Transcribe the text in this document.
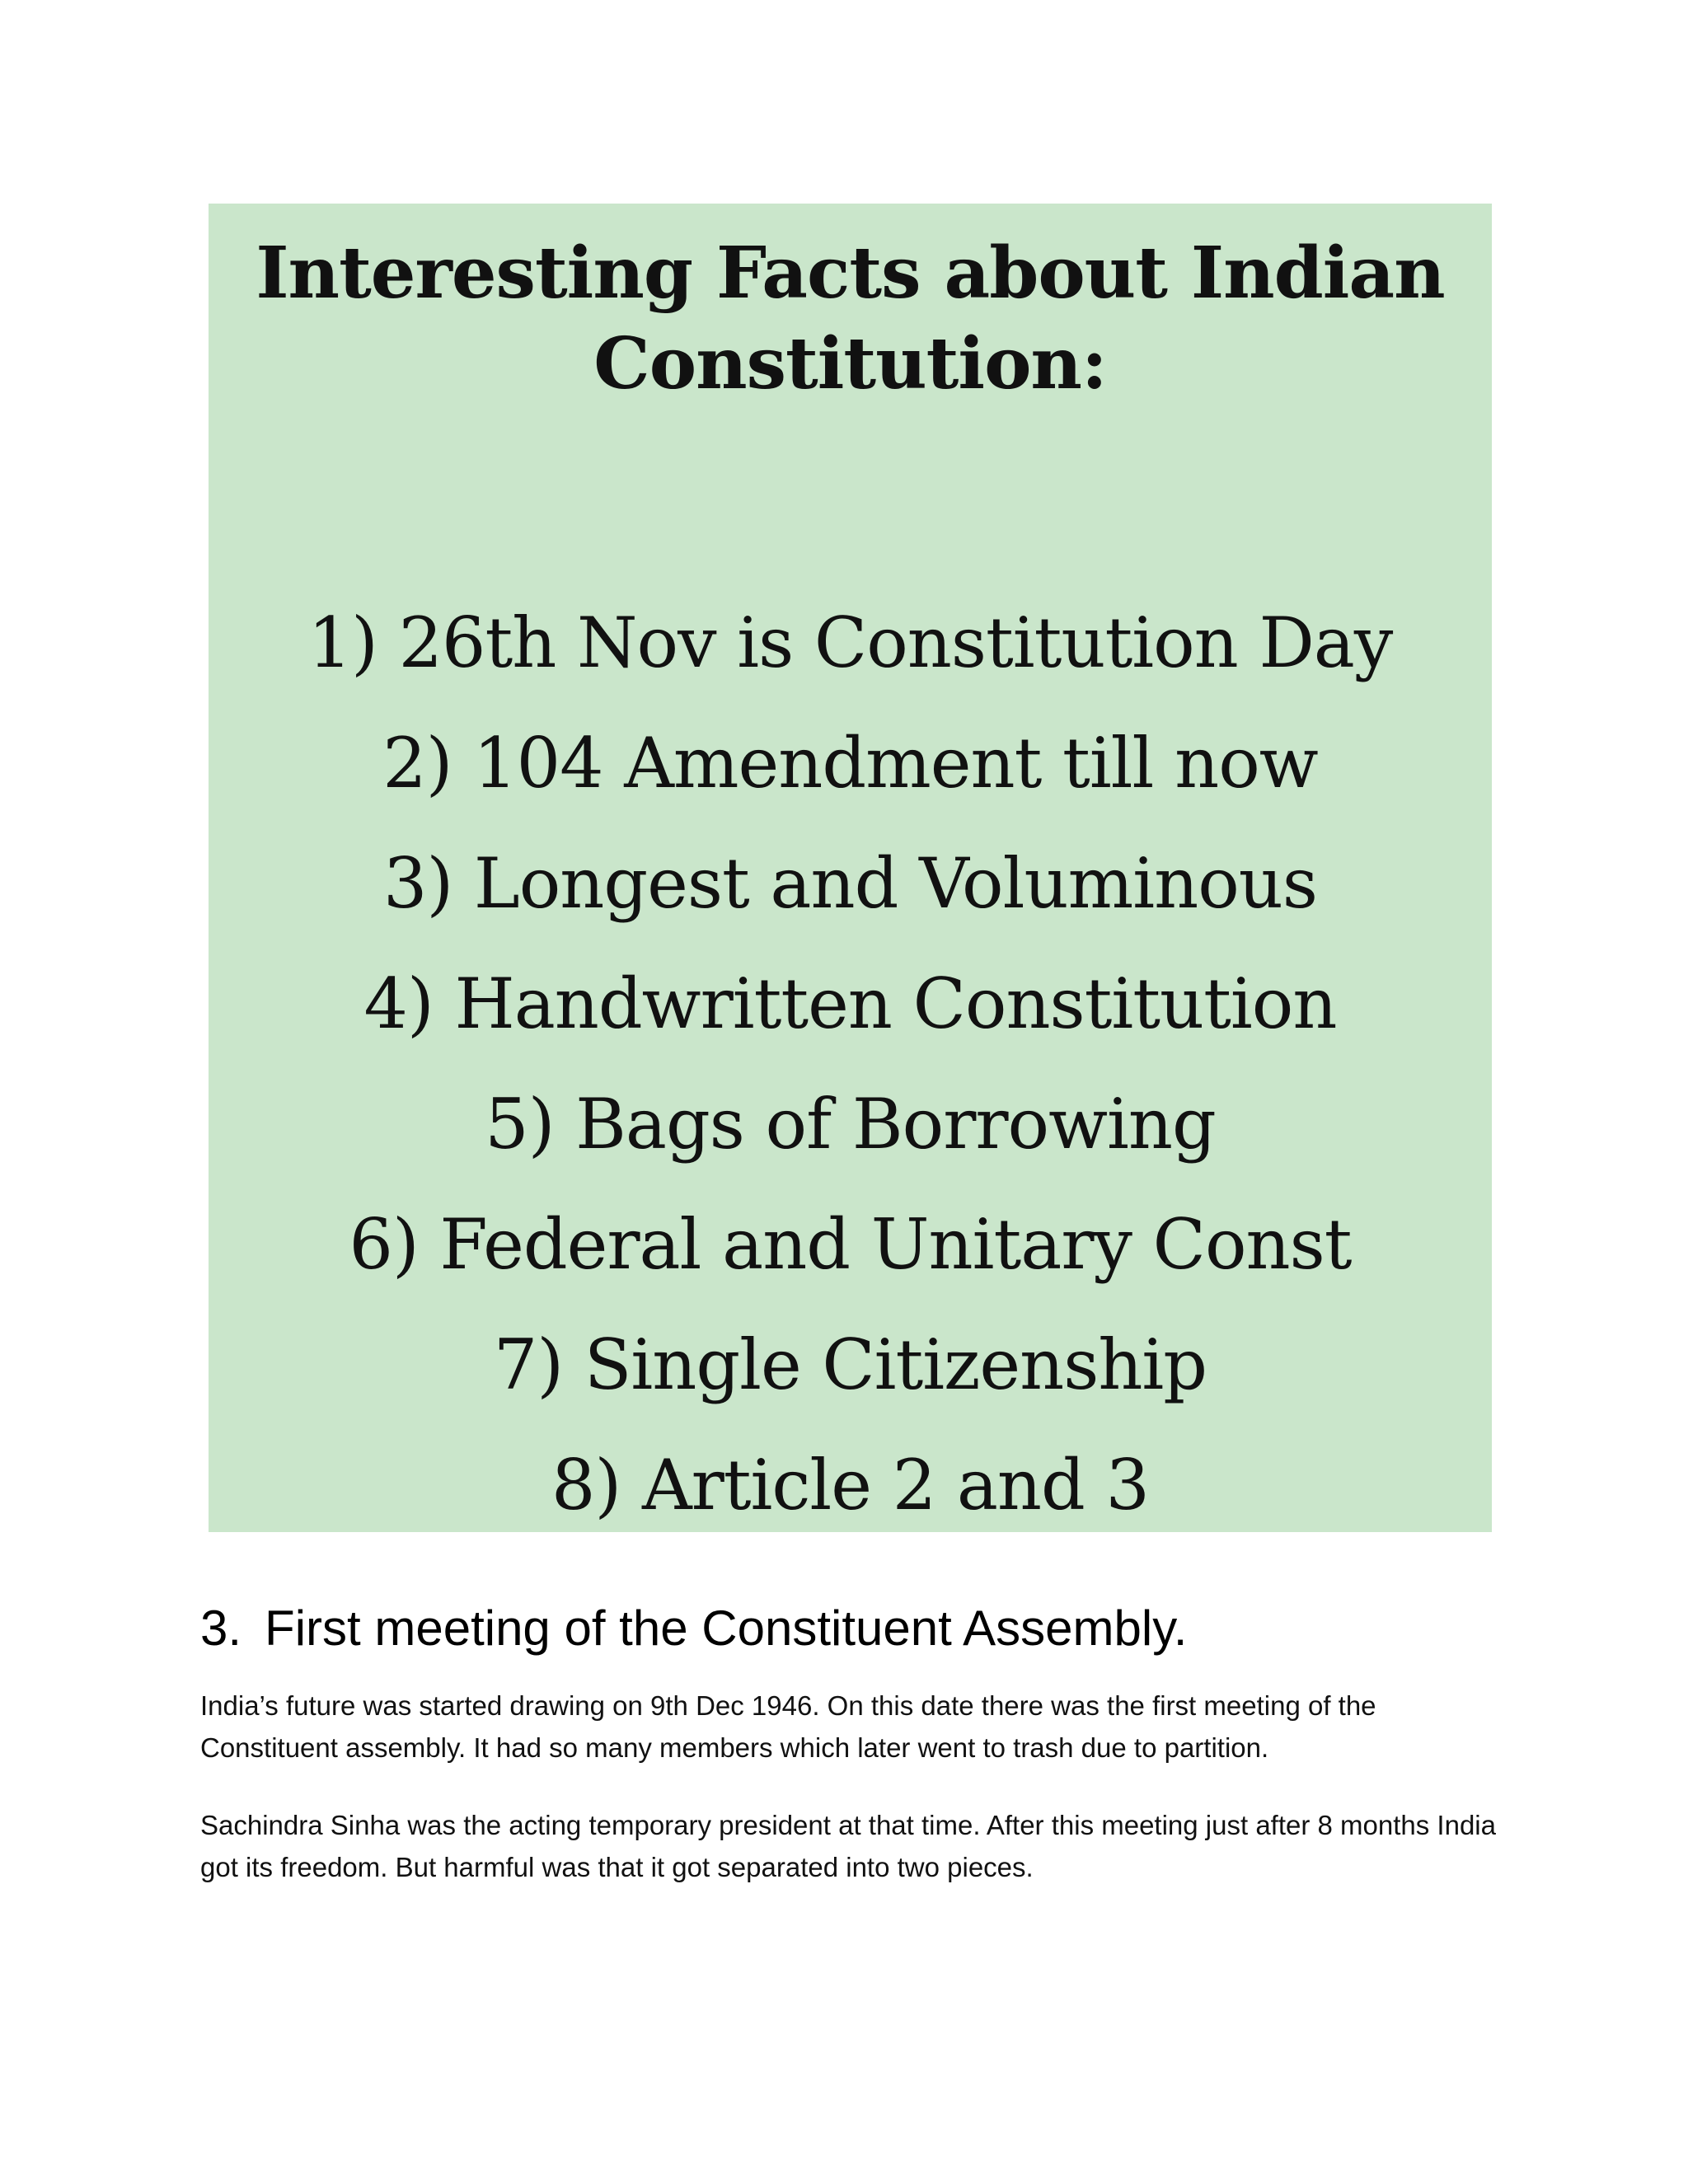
Interesting Facts about Indian
Constitution:
1) 26th Nov is Constitution Day
2) 104 Amendment till now
3) Longest and Voluminous
4) Handwritten Constitution
5) Bags of Borrowing
6) Federal and Unitary Const
7) Single Citizenship
8) Article 2 and 3
3. First meeting of the Constituent Assembly.

India’s future was started drawing on 9th Dec 1946. On this date there was the first meeting of the Constituent assembly. It had so many members which later went to trash due to partition.

Sachindra Sinha was the acting temporary president at that time. After this meeting just after 8 months India got its freedom. But harmful was that it got separated into two pieces.
